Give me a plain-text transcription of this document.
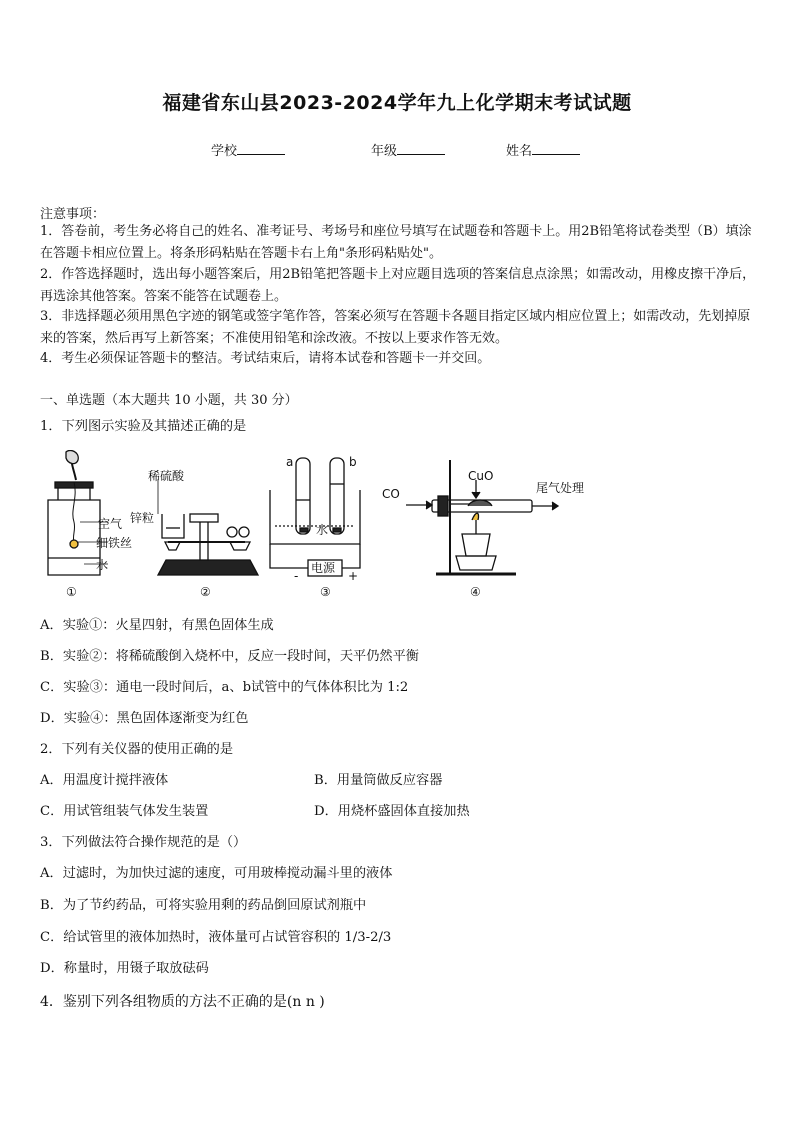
福建省东山县2023-2024学年九上化学期末考试试题
学校	年级	姓名
注意事项：
1．答卷前，考生务必将自己的姓名、准考证号、考场号和座位号填写在试题卷和答题卡上。用2B铅笔将试卷类型（B）填涂在答题卡相应位置上。将条形码粘贴在答题卡右上角"条形码粘贴处"。
2．作答选择题时，选出每小题答案后，用2B铅笔把答题卡上对应题目选项的答案信息点涂黑；如需改动，用橡皮擦干净后，再选涂其他答案。答案不能答在试题卷上。
3．非选择题必须用黑色字迹的钢笔或签字笔作答，答案必须写在答题卡各题目指定区域内相应位置上；如需改动，先划掉原来的答案，然后再写上新答案；不准使用铅笔和涂改液。不按以上要求作答无效。
4．考生必须保证答题卡的整洁。考试结束后，请将本试卷和答题卡一并交回。
一、单选题（本大题共 10 小题，共 30 分）
1．下列图示实验及其描述正确的是
空气
细铁丝
水
①
稀硫酸
锌粒
②
a	b
水
电源
-	+
③
CO
CuO
尾气处理
④
A．实验①：火星四射，有黑色固体生成
B．实验②：将稀硫酸倒入烧杯中，反应一段时间，天平仍然平衡
C．实验③：通电一段时间后，a、b试管中的气体体积比为 1:2
D．实验④：黑色固体逐渐变为红色
2．下列有关仪器的使用正确的是
A．用温度计搅拌液体	B．用量筒做反应容器
C．用试管组装气体发生装置	D．用烧杯盛固体直接加热
3．下列做法符合操作规范的是（）
A．过滤时，为加快过滤的速度，可用玻棒搅动漏斗里的液体
B．为了节约药品，可将实验用剩的药品倒回原试剂瓶中
C．给试管里的液体加热时，液体量可占试管容积的 1/3-2/3
D．称量时，用镊子取放砝码
4．鉴别下列各组物质的方法不正确的是(n n )
